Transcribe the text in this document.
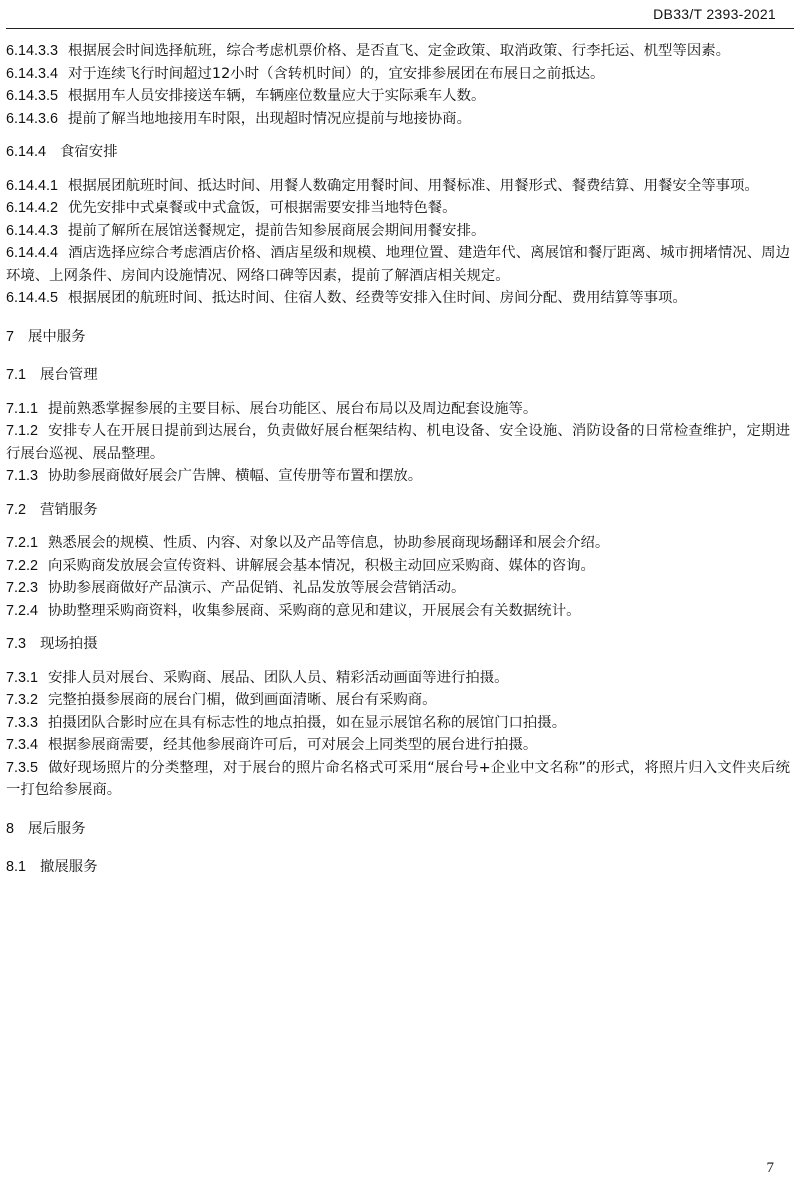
DB33/T 2393-2021

6.14.3.3 根据展会时间选择航班，综合考虑机票价格、是否直飞、定金政策、取消政策、行李托运、机型等因素。

6.14.3.4 对于连续飞行时间超过12小时（含转机时间）的，宜安排参展团在布展日之前抵达。

6.14.3.5 根据用车人员安排接送车辆，车辆座位数量应大于实际乘车人数。

6.14.3.6 提前了解当地地接用车时限，出现超时情况应提前与地接协商。

6.14.4 食宿安排

6.14.4.1 根据展团航班时间、抵达时间、用餐人数确定用餐时间、用餐标准、用餐形式、餐费结算、用餐安全等事项。

6.14.4.2 优先安排中式桌餐或中式盒饭，可根据需要安排当地特色餐。

6.14.4.3 提前了解所在展馆送餐规定，提前告知参展商展会期间用餐安排。

6.14.4.4 酒店选择应综合考虑酒店价格、酒店星级和规模、地理位置、建造年代、离展馆和餐厅距离、城市拥堵情况、周边环境、上网条件、房间内设施情况、网络口碑等因素，提前了解酒店相关规定。

6.14.4.5 根据展团的航班时间、抵达时间、住宿人数、经费等安排入住时间、房间分配、费用结算等事项。

7 展中服务

7.1 展台管理

7.1.1 提前熟悉掌握参展的主要目标、展台功能区、展台布局以及周边配套设施等。

7.1.2 安排专人在开展日提前到达展台，负责做好展台框架结构、机电设备、安全设施、消防设备的日常检查维护，定期进行展台巡视、展品整理。

7.1.3 协助参展商做好展会广告牌、横幅、宣传册等布置和摆放。

7.2 营销服务

7.2.1 熟悉展会的规模、性质、内容、对象以及产品等信息，协助参展商现场翻译和展会介绍。

7.2.2 向采购商发放展会宣传资料、讲解展会基本情况，积极主动回应采购商、媒体的咨询。

7.2.3 协助参展商做好产品演示、产品促销、礼品发放等展会营销活动。

7.2.4 协助整理采购商资料，收集参展商、采购商的意见和建议，开展展会有关数据统计。

7.3 现场拍摄

7.3.1 安排人员对展台、采购商、展品、团队人员、精彩活动画面等进行拍摄。

7.3.2 完整拍摄参展商的展台门楣，做到画面清晰、展台有采购商。

7.3.3 拍摄团队合影时应在具有标志性的地点拍摄，如在显示展馆名称的展馆门口拍摄。

7.3.4 根据参展商需要，经其他参展商许可后，可对展会上同类型的展台进行拍摄。

7.3.5 做好现场照片的分类整理，对于展台的照片命名格式可采用“展台号+企业中文名称”的形式，将照片归入文件夹后统一打包给参展商。

8 展后服务

8.1 撤展服务

7
